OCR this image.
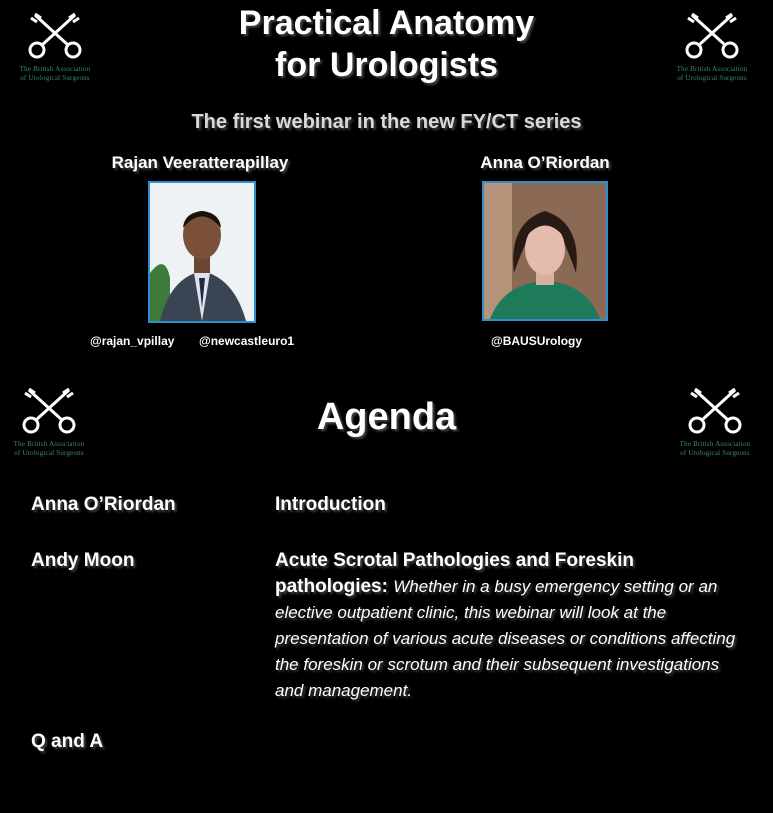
The British Association
of Urological Surgeons
The British Association
of Urological Surgeons
The British Association
of Urological Surgeons
The British Association
of Urological Surgeons
Practical Anatomy
for Urologists
The first webinar in the new FY/CT series
Rajan Veeratterapillay
@rajan_vpillay @newcastleuro1
Anna O’Riordan
@BAUSUrology
Agenda
Anna O’Riordan	Introduction
Andy Moon	Acute Scrotal Pathologies and Foreskin pathologies: Whether in a busy emergency setting or an elective outpatient clinic, this webinar will look at the presentation of various acute diseases or conditions affecting the foreskin or scrotum and their subsequent investigations and management.
Q and A
